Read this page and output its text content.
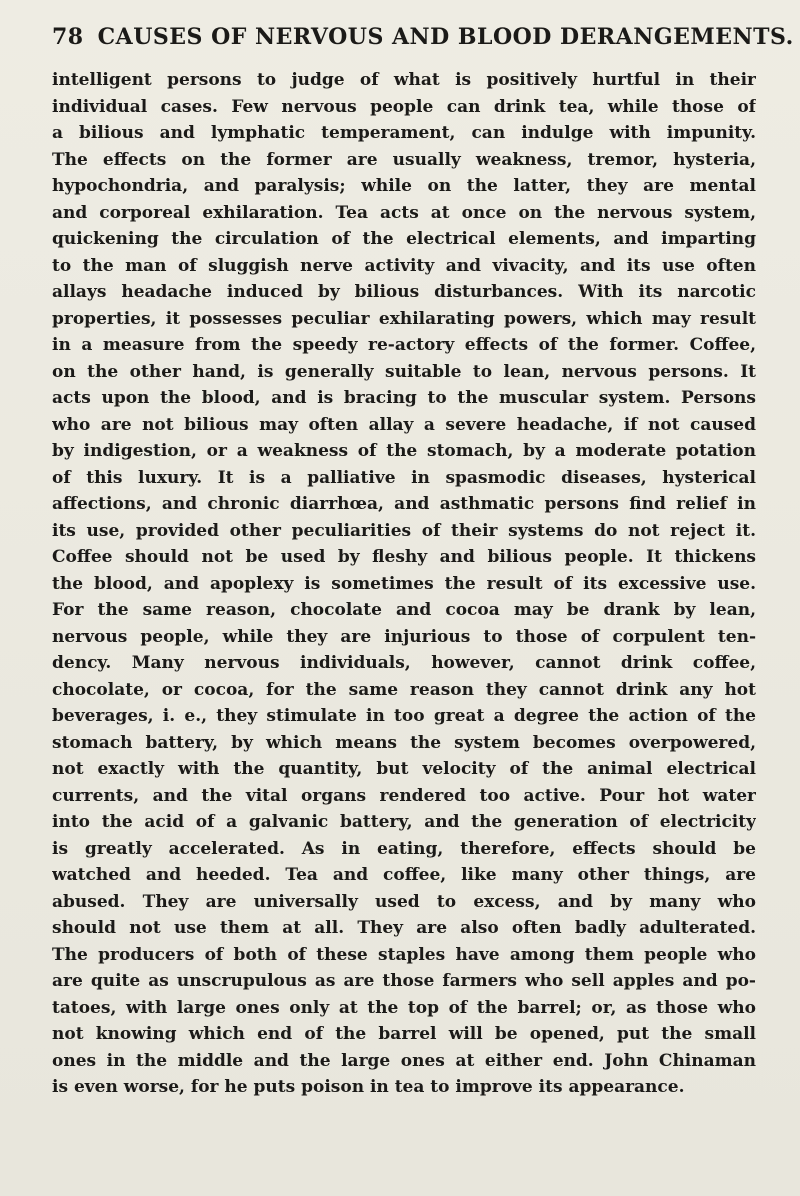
78 CAUSES OF NERVOUS AND BLOOD DERANGEMENTS.
intelligent persons to judge of what is positively hurtful in their
individual cases. Few nervous people can drink tea, while those of
a bilious and lymphatic temperament, can indulge with impunity.
The effects on the former are usually weakness, tremor, hysteria,
hypochondria, and paralysis; while on the latter, they are mental
and corporeal exhilaration. Tea acts at once on the nervous system,
quickening the circulation of the electrical elements, and imparting
to the man of sluggish nerve activity and vivacity, and its use often
allays headache induced by bilious disturbances. With its narcotic
properties, it possesses peculiar exhilarating powers, which may result
in a measure from the speedy re-actory effects of the former. Coffee,
on the other hand, is generally suitable to lean, nervous persons. It
acts upon the blood, and is bracing to the muscular system. Persons
who are not bilious may often allay a severe headache, if not caused
by indigestion, or a weakness of the stomach, by a moderate potation
of this luxury. It is a palliative in spasmodic diseases, hysterical
affections, and chronic diarrhœa, and asthmatic persons find relief in
its use, provided other peculiarities of their systems do not reject it.
Coffee should not be used by fleshy and bilious people. It thickens
the blood, and apoplexy is sometimes the result of its excessive use.
For the same reason, chocolate and cocoa may be drank by lean,
nervous people, while they are injurious to those of corpulent ten-
dency. Many nervous individuals, however, cannot drink coffee,
chocolate, or cocoa, for the same reason they cannot drink any hot
beverages, i. e., they stimulate in too great a degree the action of the
stomach battery, by which means the system becomes overpowered,
not exactly with the quantity, but velocity of the animal electrical
currents, and the vital organs rendered too active. Pour hot water
into the acid of a galvanic battery, and the generation of electricity
is greatly accelerated. As in eating, therefore, effects should be
watched and heeded. Tea and coffee, like many other things, are
abused. They are universally used to excess, and by many who
should not use them at all. They are also often badly adulterated.
The producers of both of these staples have among them people who
are quite as unscrupulous as are those farmers who sell apples and po-
tatoes, with large ones only at the top of the barrel; or, as those who
not knowing which end of the barrel will be opened, put the small
ones in the middle and the large ones at either end. John Chinaman
is even worse, for he puts poison in tea to improve its appearance.
